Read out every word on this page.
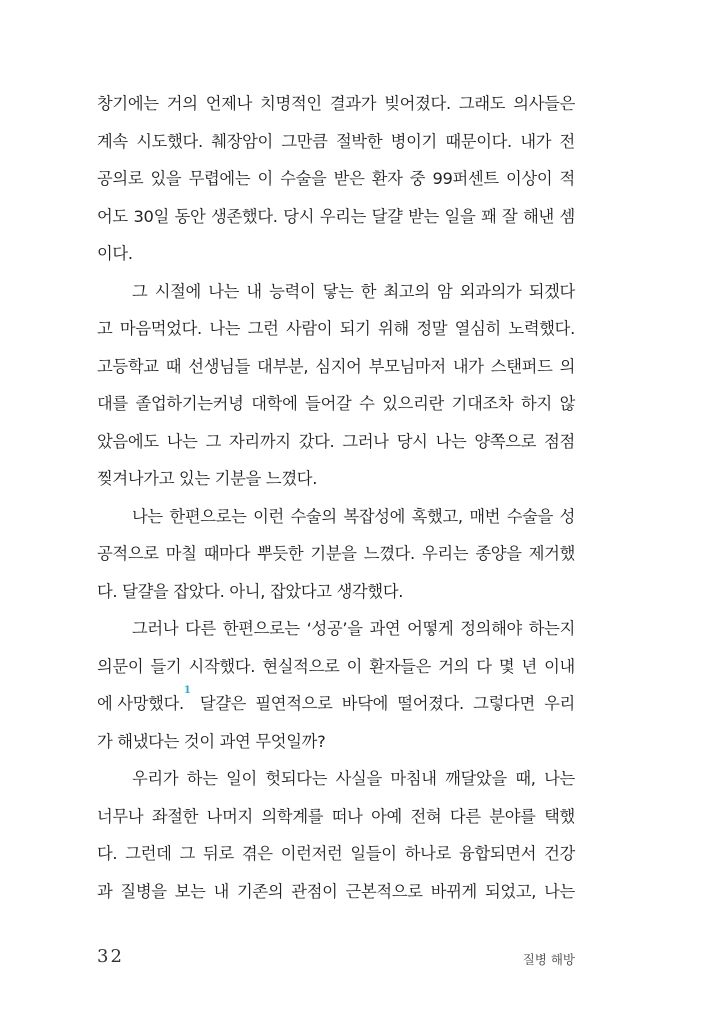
창기에는 거의 언제나 치명적인 결과가 빚어졌다. 그래도 의사들은
계속 시도했다. 췌장암이 그만큼 절박한 병이기 때문이다. 내가 전
공의로 있을 무렵에는 이 수술을 받은 환자 중 99퍼센트 이상이 적
어도 30일 동안 생존했다. 당시 우리는 달걀 받는 일을 꽤 잘 해낸 셈
이다.
그 시절에 나는 내 능력이 닿는 한 최고의 암 외과의가 되겠다
고 마음먹었다. 나는 그런 사람이 되기 위해 정말 열심히 노력했다.
고등학교 때 선생님들 대부분, 심지어 부모님마저 내가 스탠퍼드 의
대를 졸업하기는커녕 대학에 들어갈 수 있으리란 기대조차 하지 않
았음에도 나는 그 자리까지 갔다. 그러나 당시 나는 양쪽으로 점점
찢겨나가고 있는 기분을 느꼈다.
나는 한편으로는 이런 수술의 복잡성에 혹했고, 매번 수술을 성
공적으로 마칠 때마다 뿌듯한 기분을 느꼈다. 우리는 종양을 제거했
다. 달걀을 잡았다. 아니, 잡았다고 생각했다.
그러나 다른 한편으로는 ‘성공’을 과연 어떻게 정의해야 하는지
의문이 들기 시작했다. 현실적으로 이 환자들은 거의 다 몇 년 이내
에 사망했다.
1
달걀은 필연적으로 바닥에 떨어졌다. 그렇다면 우리
가 해냈다는 것이 과연 무엇일까?
우리가 하는 일이 헛되다는 사실을 마침내 깨달았을 때, 나는
너무나 좌절한 나머지 의학계를 떠나 아예 전혀 다른 분야를 택했
다. 그런데 그 뒤로 겪은 이런저런 일들이 하나로 융합되면서 건강
과 질병을 보는 내 기존의 관점이 근본적으로 바뀌게 되었고, 나는
32	질병 해방
